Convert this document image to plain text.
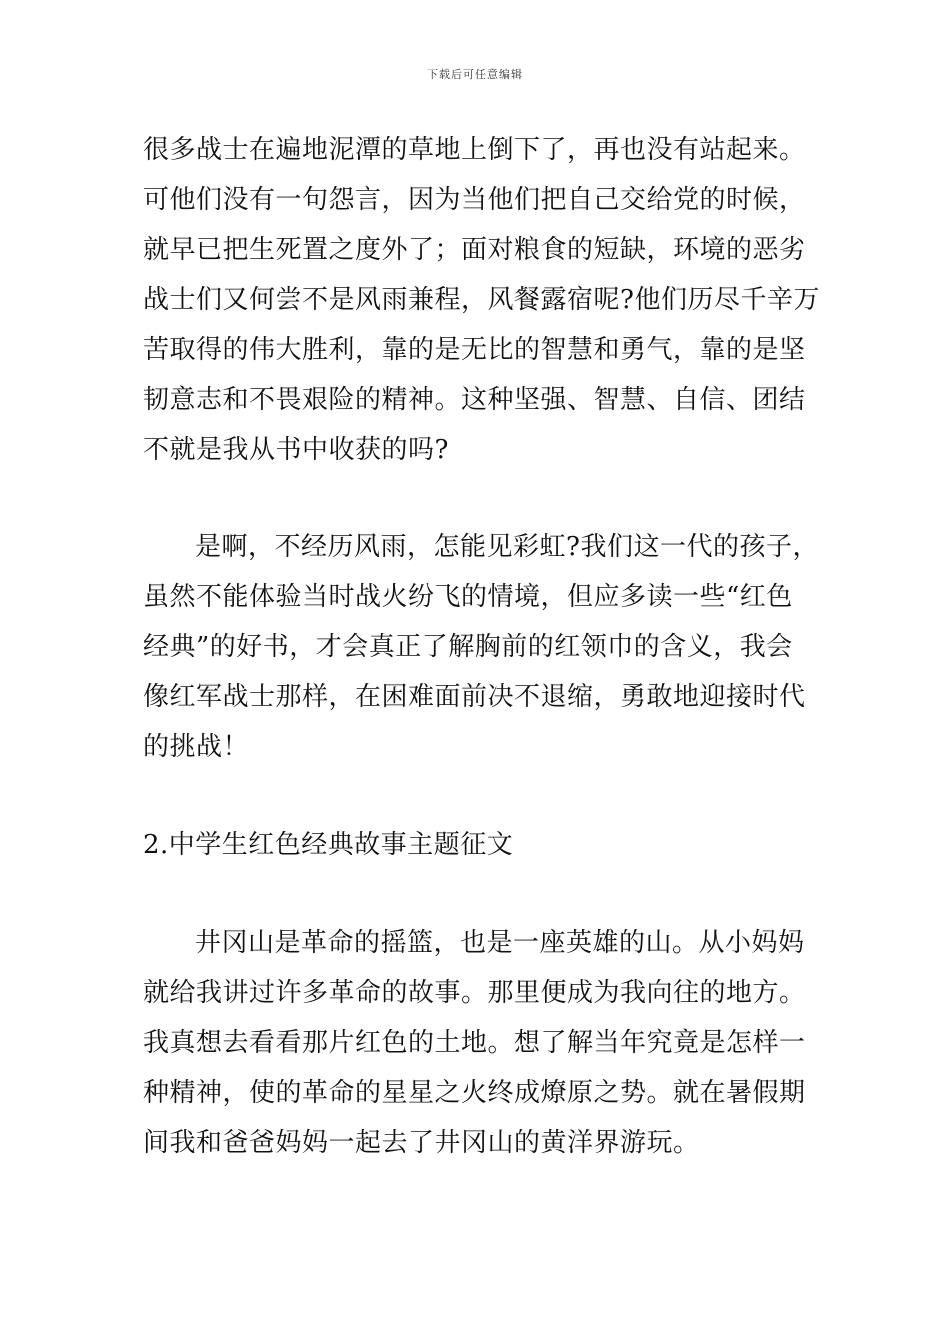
下载后可任意编辑
很多战士在遍地泥潭的草地上倒下了，再也没有站起来。
可他们没有一句怨言，因为当他们把自己交给党的时候，
就早已把生死置之度外了；面对粮食的短缺，环境的恶劣
战士们又何尝不是风雨兼程，风餐露宿呢?他们历尽千辛万
苦取得的伟大胜利，靠的是无比的智慧和勇气，靠的是坚
韧意志和不畏艰险的精神。这种坚强、智慧、自信、团结
不就是我从书中收获的吗?
是啊，不经历风雨，怎能见彩虹?我们这一代的孩子，
虽然不能体验当时战火纷飞的情境，但应多读一些“红色
经典”的好书，才会真正了解胸前的红领巾的含义，我会
像红军战士那样，在困难面前决不退缩，勇敢地迎接时代
的挑战！
2.中学生红色经典故事主题征文
井冈山是革命的摇篮，也是一座英雄的山。从小妈妈
就给我讲过许多革命的故事。那里便成为我向往的地方。
我真想去看看那片红色的土地。想了解当年究竟是怎样一
种精神，使的革命的星星之火终成燎原之势。就在暑假期
间我和爸爸妈妈一起去了井冈山的黄洋界游玩。
